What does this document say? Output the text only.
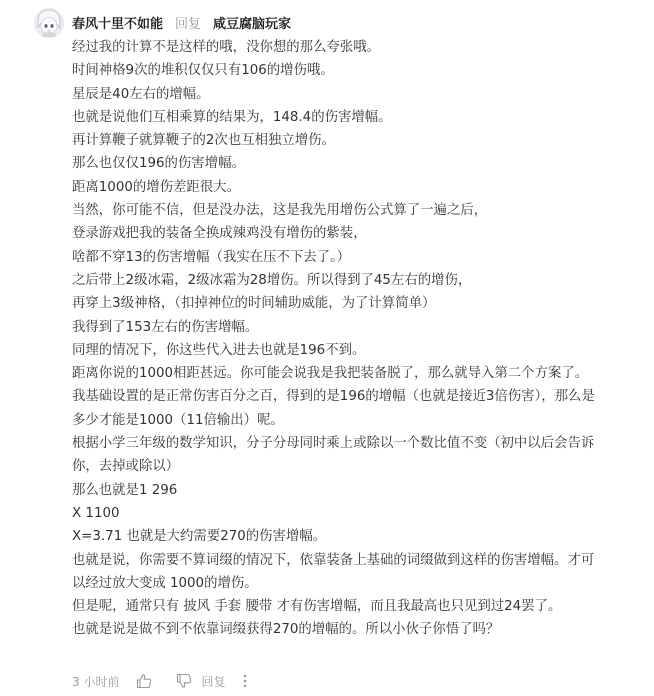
春风十里不如能 回复 咸豆腐脑玩家
经过我的计算不是这样的哦，没你想的那么夸张哦。
时间神格9次的堆积仅仅只有106的增伤哦。
星辰是40左右的增幅。
也就是说他们互相乘算的结果为，148.4的伤害增幅。
再计算鞭子就算鞭子的2次也互相独立增伤。
那么也仅仅196的伤害增幅。
距离1000的增伤差距很大。
当然，你可能不信，但是没办法，这是我先用增伤公式算了一遍之后，
登录游戏把我的装备全换成辣鸡没有增伤的紫装，
啥都不穿13的伤害增幅（我实在压不下去了。）
之后带上2级冰霜，2级冰霜为28增伤。所以得到了45左右的增伤，
再穿上3级神格，（扣掉神位的时间辅助威能，为了计算简单）
我得到了153左右的伤害增幅。
同理的情况下，你这些代入进去也就是196不到。
距离你说的1000相距甚远。你可能会说我是我把装备脱了，那么就导入第二个方案了。
我基础设置的是正常伤害百分之百，得到的是196的增幅（也就是接近3倍伤害），那么是
多少才能是1000（11倍输出）呢。
根据小学三年级的数学知识，分子分母同时乘上或除以一个数比值不变（初中以后会告诉
你，去掉或除以）
那么也就是1 296
X 1100
X=3.71 也就是大约需要270的伤害增幅。
也就是说，你需要不算词缀的情况下，依靠装备上基础的词缀做到这样的伤害增幅。才可
以经过放大变成 1000的增伤。
但是呢，通常只有 披风 手套 腰带 才有伤害增幅，而且我最高也只见到过24罢了。
也就是说是做不到不依靠词缀获得270的增幅的。所以小伙子你悟了吗？
3 小时前	回复
